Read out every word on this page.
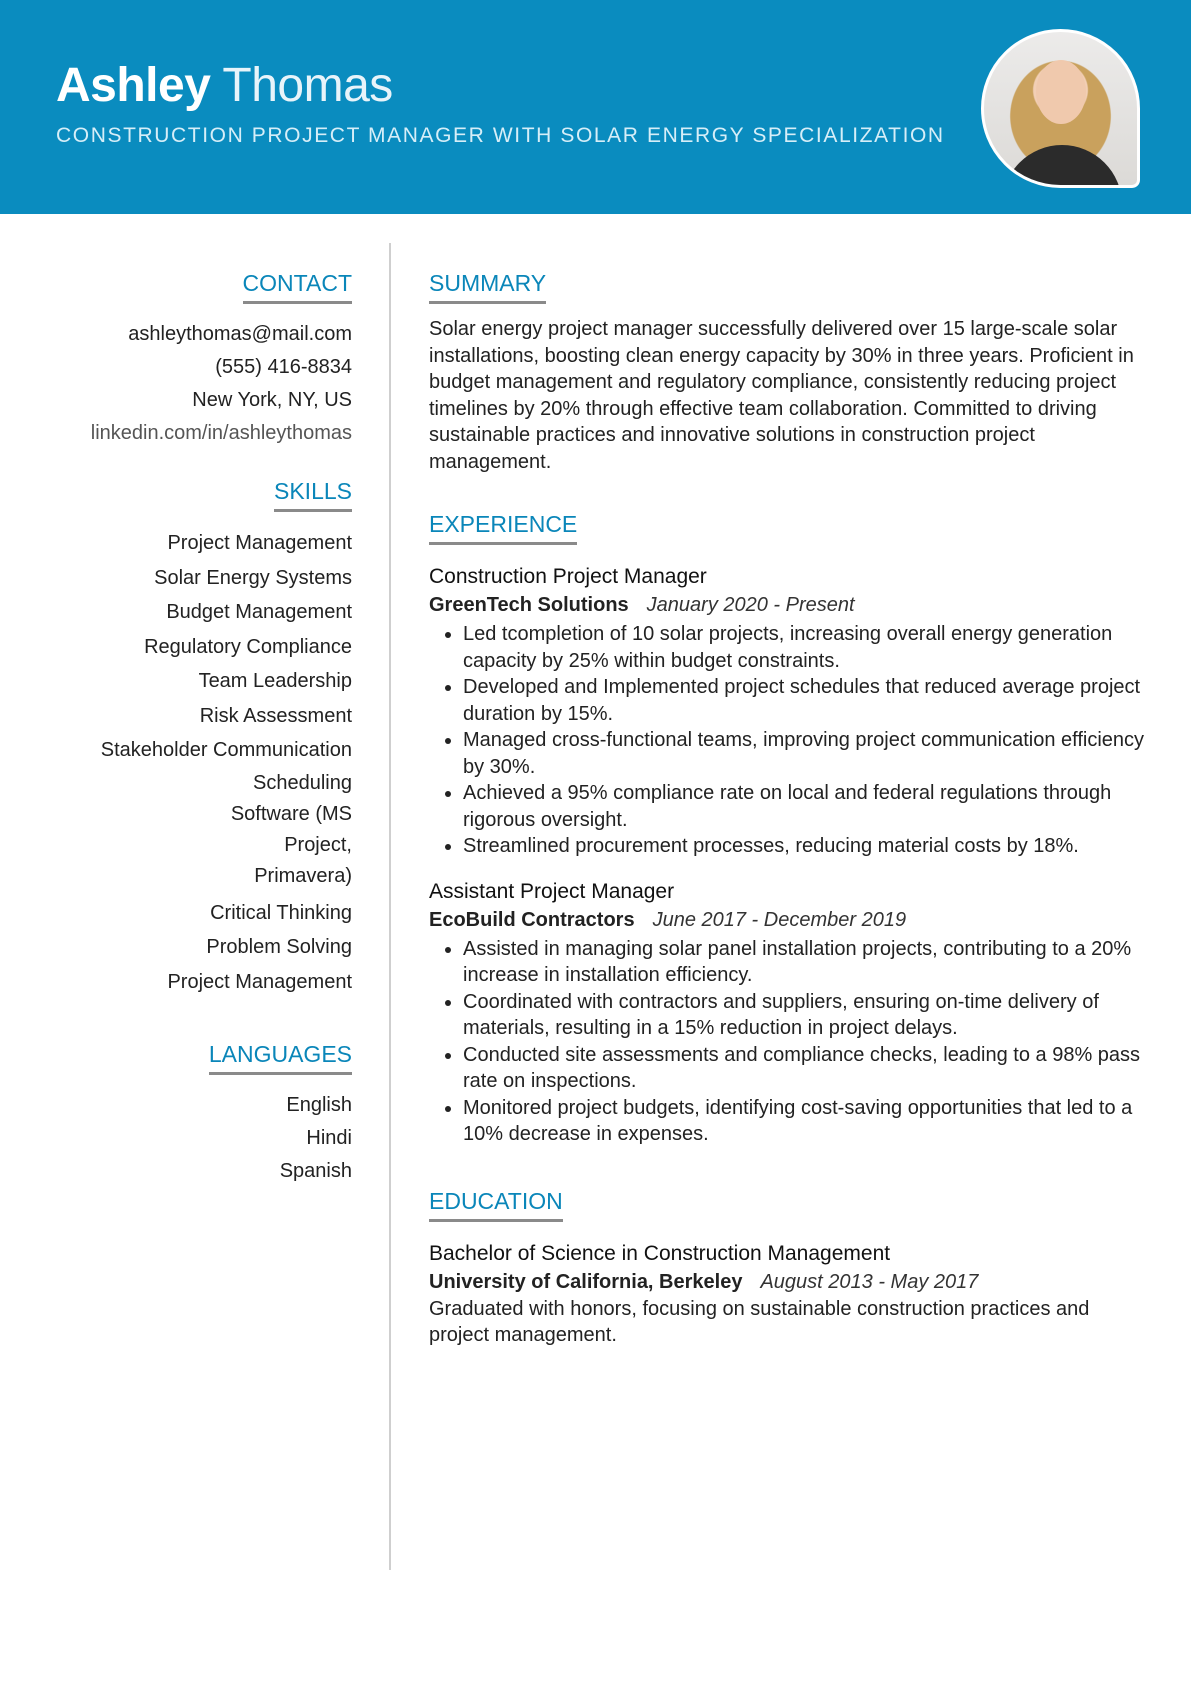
Ashley Thomas
CONSTRUCTION PROJECT MANAGER WITH SOLAR ENERGY SPECIALIZATION
CONTACT
ashleythomas@mail.com
(555) 416-8834
New York, NY, US
linkedin.com/in/ashleythomas
SKILLS
Project Management
Solar Energy Systems
Budget Management
Regulatory Compliance
Team Leadership
Risk Assessment
Stakeholder Communication
Scheduling Software (MS Project, Primavera)
Critical Thinking
Problem Solving
Project Management
LANGUAGES
English
Hindi
Spanish
SUMMARY
Solar energy project manager successfully delivered over 15 large-scale solar installations, boosting clean energy capacity by 30% in three years. Proficient in budget management and regulatory compliance, consistently reducing project timelines by 20% through effective team collaboration. Committed to driving sustainable practices and innovative solutions in construction project management.
EXPERIENCE
Construction Project Manager
GreenTech Solutions January 2020 - Present
• Led tcompletion of 10 solar projects, increasing overall energy generation capacity by 25% within budget constraints.
• Developed and Implemented project schedules that reduced average project duration by 15%.
• Managed cross-functional teams, improving project communication efficiency by 30%.
• Achieved a 95% compliance rate on local and federal regulations through rigorous oversight.
• Streamlined procurement processes, reducing material costs by 18%.
Assistant Project Manager
EcoBuild Contractors June 2017 - December 2019
• Assisted in managing solar panel installation projects, contributing to a 20% increase in installation efficiency.
• Coordinated with contractors and suppliers, ensuring on-time delivery of materials, resulting in a 15% reduction in project delays.
• Conducted site assessments and compliance checks, leading to a 98% pass rate on inspections.
• Monitored project budgets, identifying cost-saving opportunities that led to a 10% decrease in expenses.
EDUCATION
Bachelor of Science in Construction Management
University of California, Berkeley August 2013 - May 2017
Graduated with honors, focusing on sustainable construction practices and project management.
